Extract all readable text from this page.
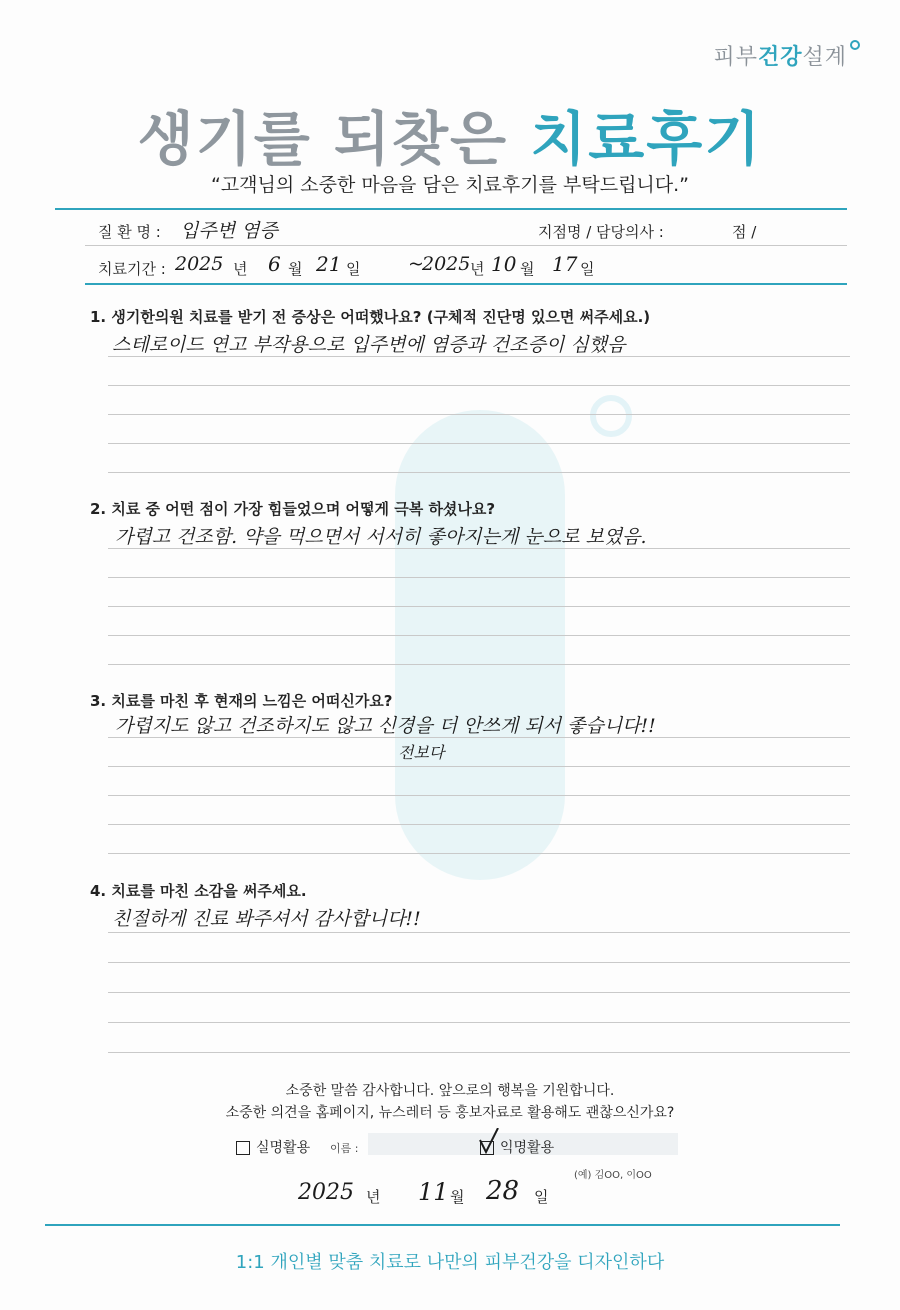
피부건강설계
생기를 되찾은 치료후기
“고객님의 소중한 마음을 담은 치료후기를 부탁드립니다.”
질 환 명 : 입주변 염증	지점명 / 담당의사 :	점 /
치료기간 : 2025 년 6 월 21 일	~
2025 년 10 월 17 일
1. 생기한의원 치료를 받기 전 증상은 어떠했나요? (구체적 진단명 있으면 써주세요.)
스테로이드 연고 부작용으로 입주변에 염증과 건조증이 심했음
2. 치료 중 어떤 점이 가장 힘들었으며 어떻게 극복 하셨나요?
가렵고 건조함. 약을 먹으면서 서서히 좋아지는게 눈으로 보였음.
3. 치료를 마친 후 현재의 느낌은 어떠신가요?
가렵지도 않고 건조하지도 않고 신경을 더 안쓰게 되서 좋습니다!!
전보다
4. 치료를 마친 소감을 써주세요.
친절하게 진료 봐주셔서 감사합니다!!
소중한 말씀 감사합니다. 앞으로의 행복을 기원합니다.
소중한 의견을 홈페이지, 뉴스레터 등 홍보자료로 활용해도 괜찮으신가요?
실명활용 이름 :	익명활용
(예) 김OO, 이OO
2025 년 11 월 28 일
1:1 개인별 맞춤 치료로 나만의 피부건강을 디자인하다
